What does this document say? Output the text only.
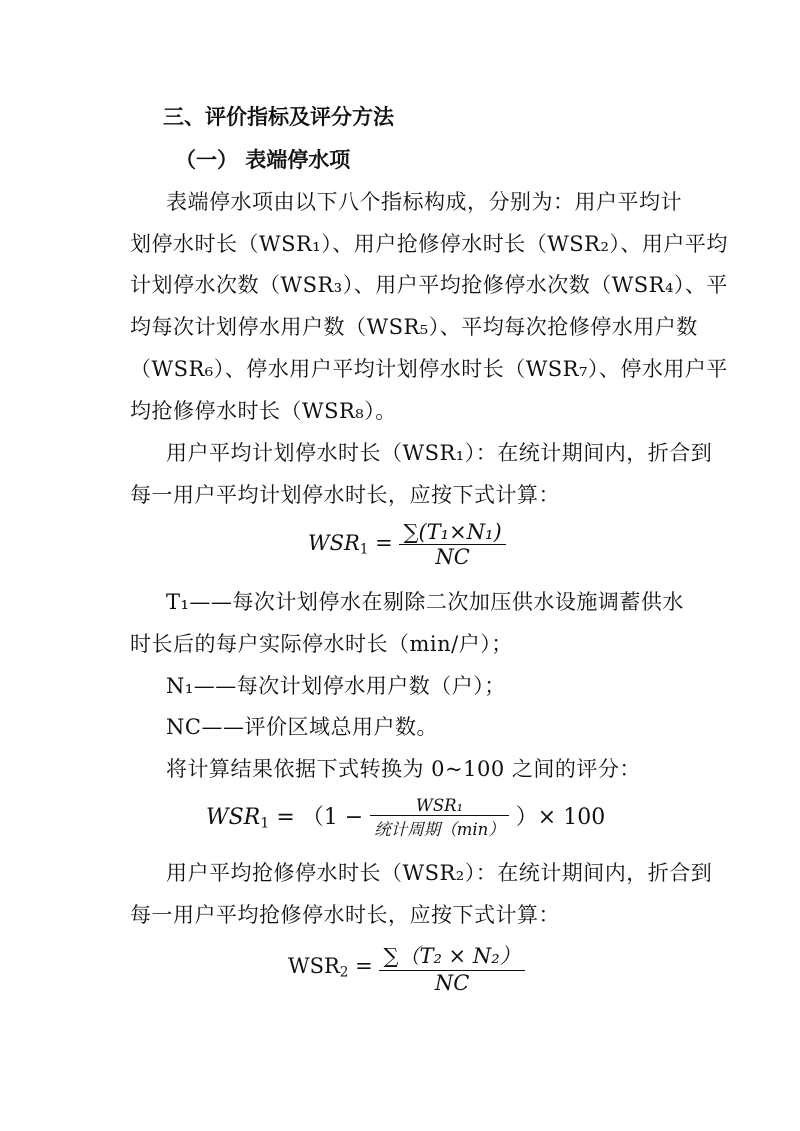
三、评价指标及评分方法
（一） 表端停水项
表端停水项由以下八个指标构成，分别为：用户平均计
划停水时长（WSR₁）、用户抢修停水时长（WSR₂）、用户平均
计划停水次数（WSR₃）、用户平均抢修停水次数（WSR₄）、平
均每次计划停水用户数（WSR₅）、平均每次抢修停水用户数
（WSR₆）、停水用户平均计划停水时长（WSR₇）、停水用户平
均抢修停水时长（WSR₈）。
用户平均计划停水时长（WSR₁）：在统计期间内，折合到
每一用户平均计划停水时长，应按下式计算：
$WSR_1 = \frac{\text{∑(T₁×N₁)}}{NC}$
T₁——每次计划停水在剔除二次加压供水设施调蓄供水
时长后的每户实际停水时长（min/户）；
N₁——每次计划停水用户数（户）；
NC——评价区域总用户数。
将计算结果依据下式转换为 0~100 之间的评分：
$WSR_1 = (1 - \frac{\text{WSR₁}}{\text{统计周期（min）}}$ ）× 100
用户平均抢修停水时长（WSR₂）：在统计期间内，折合到
每一用户平均抢修停水时长，应按下式计算：
$WSR_2 = \frac{\text{∑（T₂ × N₂）}}{NC}$
